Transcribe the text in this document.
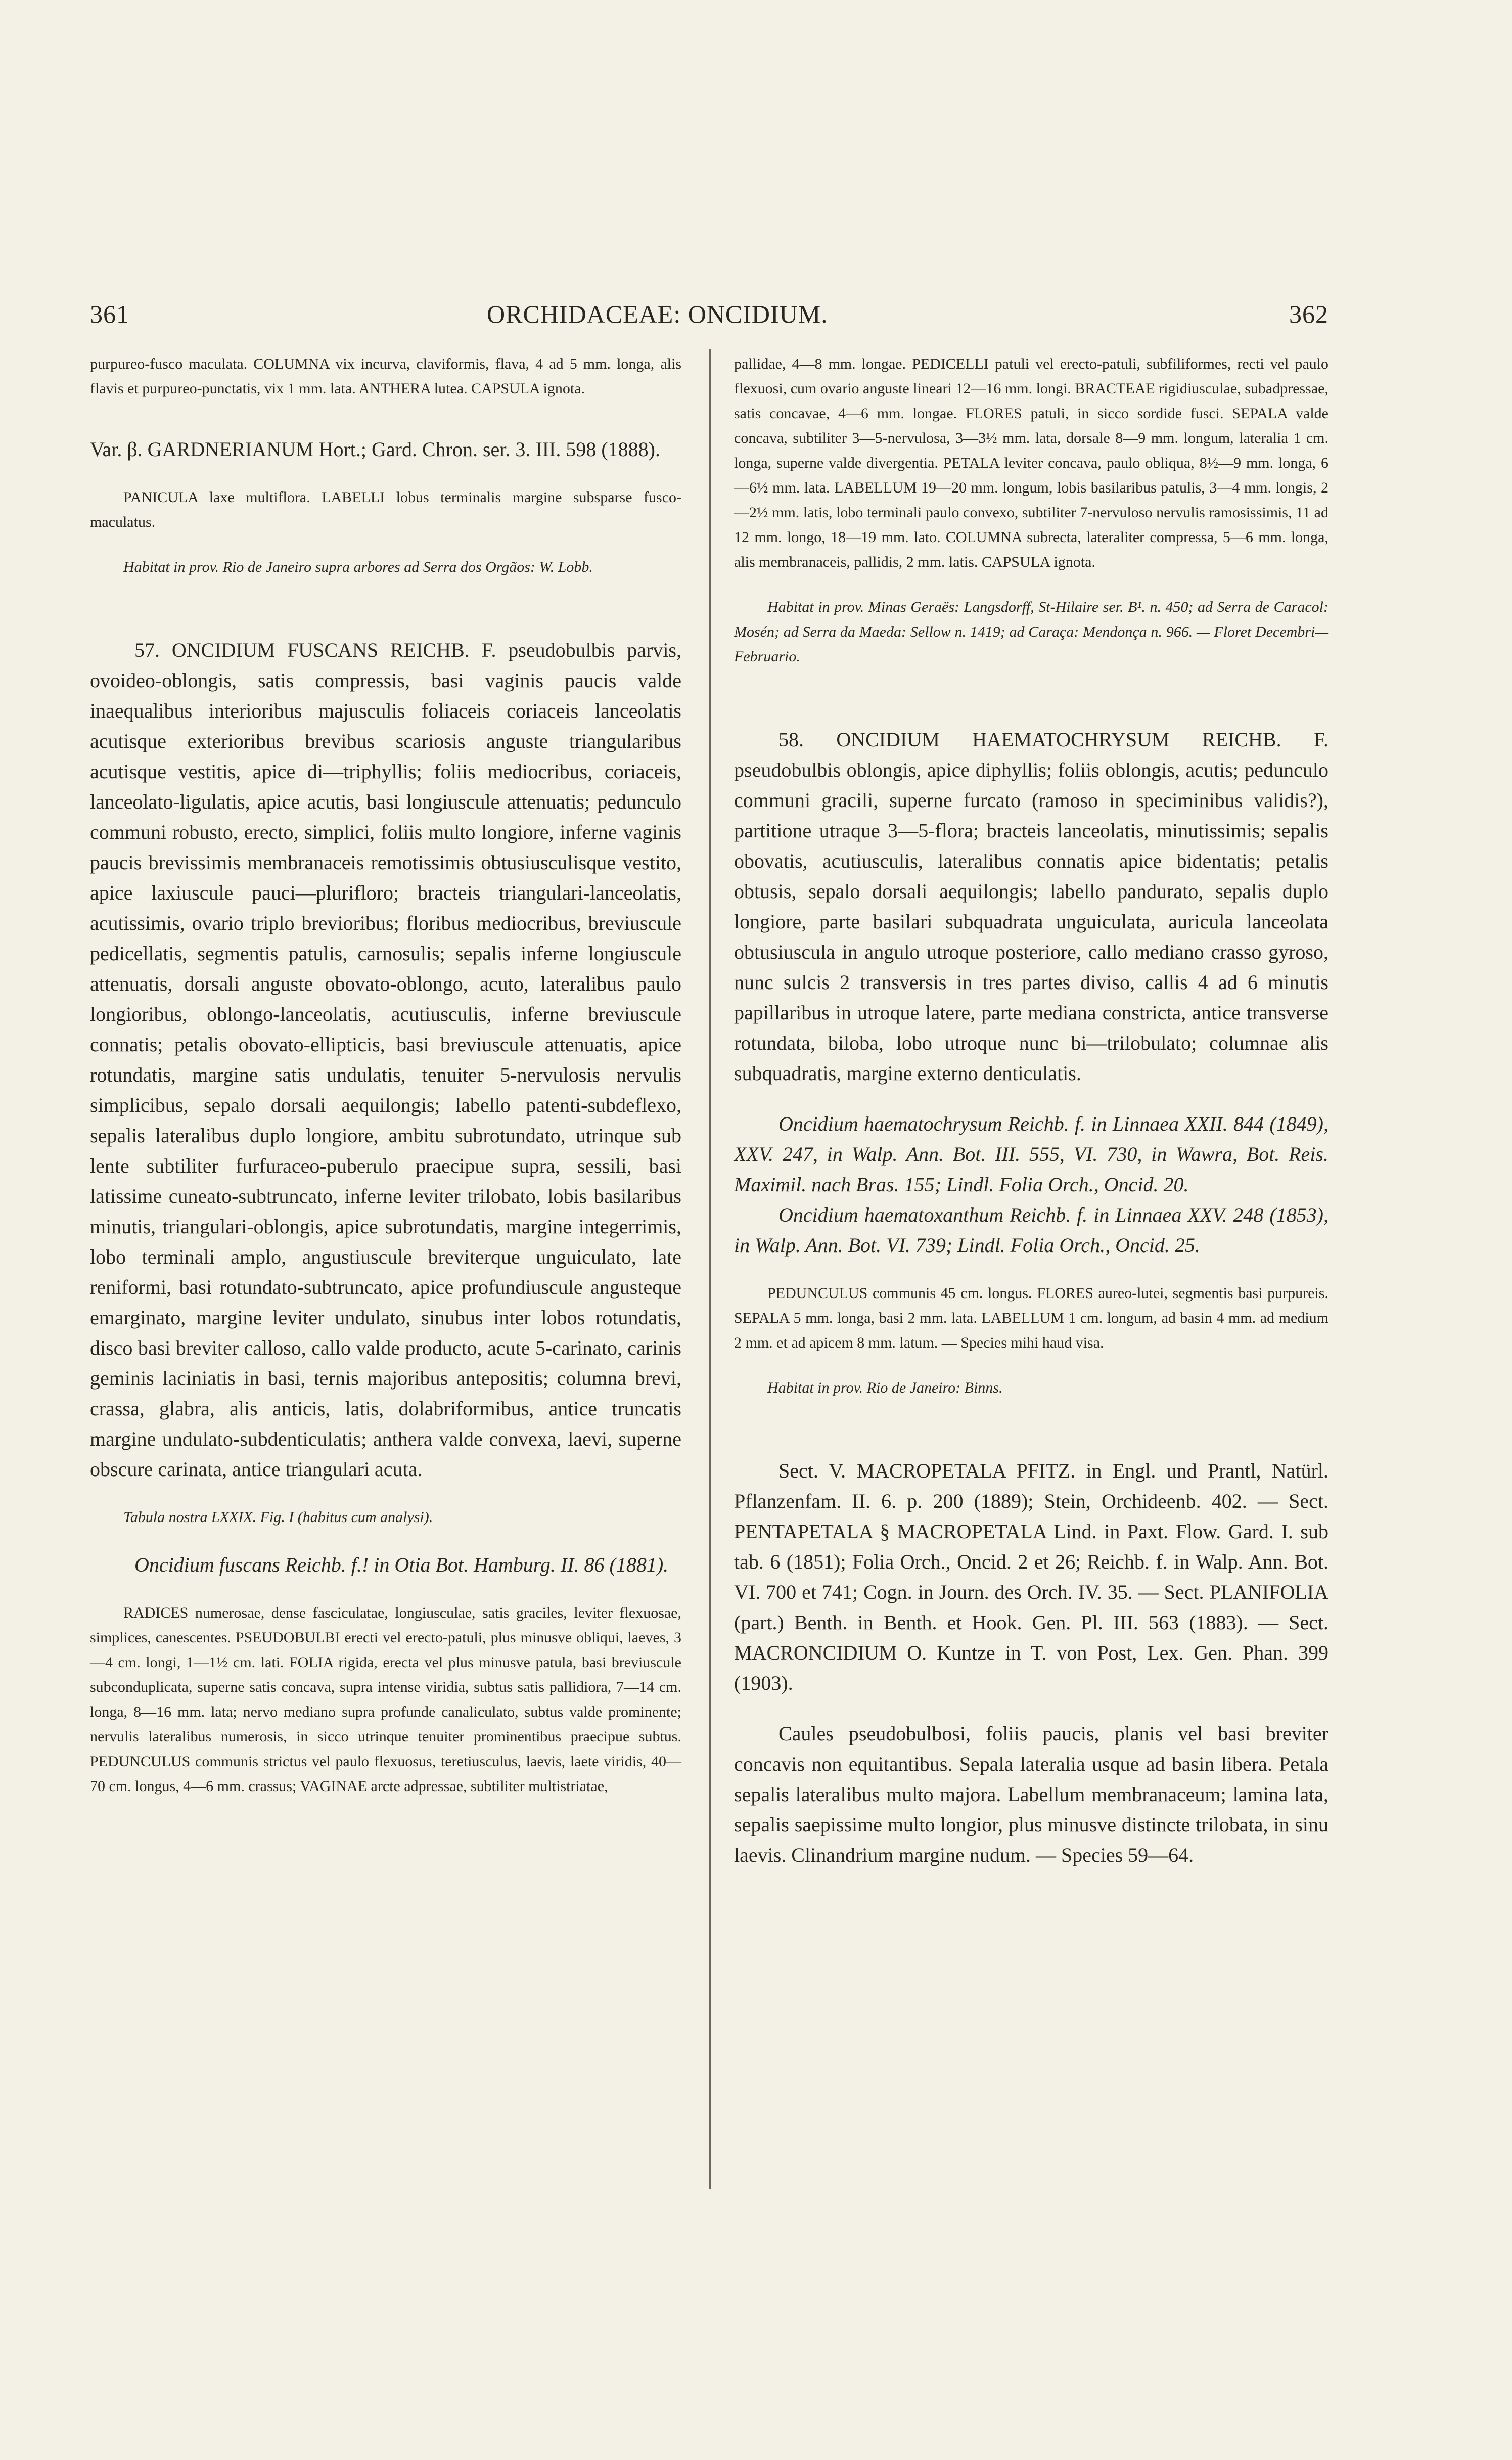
361	ORCHIDACEAE: ONCIDIUM.	362

purpureo-fusco maculata. COLUMNA vix incurva, claviformis, flava, 4 ad 5 mm. longa, alis flavis et purpureo-punctatis, vix 1 mm. lata. ANTHERA lutea. CAPSULA ignota.

Var. β. GARDNERIANUM Hort.; Gard. Chron. ser. 3. III. 598 (1888).

PANICULA laxe multiflora. LABELLI lobus terminalis margine subsparse fusco-maculatus.

Habitat in prov. Rio de Janeiro supra arbores ad Serra dos Orgãos: W. Lobb.

57. ONCIDIUM FUSCANS REICHB. F. pseudobulbis parvis, ovoideo-oblongis, satis compressis, basi vaginis paucis valde inaequalibus interioribus majusculis foliaceis coriaceis lanceolatis acutisque exterioribus brevibus scariosis anguste triangularibus acutisque vestitis, apice di—triphyllis; foliis mediocribus, coriaceis, lanceolato-ligulatis, apice acutis, basi longiuscule attenuatis; pedunculo communi robusto, erecto, simplici, foliis multo longiore, inferne vaginis paucis brevissimis membranaceis remotissimis obtusiusculisque vestito, apice laxiuscule pauci—plurifloro; bracteis triangulari-lanceolatis, acutissimis, ovario triplo brevioribus; floribus mediocribus, breviuscule pedicellatis, segmentis patulis, carnosulis; sepalis inferne longiuscule attenuatis, dorsali anguste obovato-oblongo, acuto, lateralibus paulo longioribus, oblongo-lanceolatis, acutiusculis, inferne breviuscule connatis; petalis obovato-ellipticis, basi breviuscule attenuatis, apice rotundatis, margine satis undulatis, tenuiter 5-nervulosis nervulis simplicibus, sepalo dorsali aequilongis; labello patenti-subdeflexo, sepalis lateralibus duplo longiore, ambitu subrotundato, utrinque sub lente subtiliter furfuraceo-puberulo praecipue supra, sessili, basi latissime cuneato-subtruncato, inferne leviter trilobato, lobis basilaribus minutis, triangulari-oblongis, apice subrotundatis, margine integerrimis, lobo terminali amplo, angustiuscule breviterque unguiculato, late reniformi, basi rotundato-subtruncato, apice profundiuscule angusteque emarginato, margine leviter undulato, sinubus inter lobos rotundatis, disco basi breviter calloso, callo valde producto, acute 5-carinato, carinis geminis laciniatis in basi, ternis majoribus antepositis; columna brevi, crassa, glabra, alis anticis, latis, dolabriformibus, antice truncatis margine undulato-subdenticulatis; anthera valde convexa, laevi, superne obscure carinata, antice triangulari acuta.

Tabula nostra LXXIX. Fig. I (habitus cum analysi).

Oncidium fuscans Reichb. f.! in Otia Bot. Hamburg. II. 86 (1881).

RADICES numerosae, dense fasciculatae, longiusculae, satis graciles, leviter flexuosae, simplices, canescentes. PSEUDOBULBI erecti vel erecto-patuli, plus minusve obliqui, laeves, 3—4 cm. longi, 1—1½ cm. lati. FOLIA rigida, erecta vel plus minusve patula, basi breviuscule subconduplicata, superne satis concava, supra intense viridia, subtus satis pallidiora, 7—14 cm. longa, 8—16 mm. lata; nervo mediano supra profunde canaliculato, subtus valde prominente; nervulis lateralibus numerosis, in sicco utrinque tenuiter prominentibus praecipue subtus. PEDUNCULUS communis strictus vel paulo flexuosus, teretiusculus, laevis, laete viridis, 40—70 cm. longus, 4—6 mm. crassus; VAGINAE arcte adpressae, subtiliter multistriatae,

pallidae, 4—8 mm. longae. PEDICELLI patuli vel erecto-patuli, subfiliformes, recti vel paulo flexuosi, cum ovario anguste lineari 12—16 mm. longi. BRACTEAE rigidiusculae, subadpressae, satis concavae, 4—6 mm. longae. FLORES patuli, in sicco sordide fusci. SEPALA valde concava, subtiliter 3—5-nervulosa, 3—3½ mm. lata, dorsale 8—9 mm. longum, lateralia 1 cm. longa, superne valde divergentia. PETALA leviter concava, paulo obliqua, 8½—9 mm. longa, 6—6½ mm. lata. LABELLUM 19—20 mm. longum, lobis basilaribus patulis, 3—4 mm. longis, 2—2½ mm. latis, lobo terminali paulo convexo, subtiliter 7-nervuloso nervulis ramosissimis, 11 ad 12 mm. longo, 18—19 mm. lato. COLUMNA subrecta, lateraliter compressa, 5—6 mm. longa, alis membranaceis, pallidis, 2 mm. latis. CAPSULA ignota.

Habitat in prov. Minas Geraës: Langsdorff, St-Hilaire ser. B¹. n. 450; ad Serra de Caracol: Mosén; ad Serra da Maeda: Sellow n. 1419; ad Caraça: Mendonça n. 966. — Floret Decembri—Februario.

58. ONCIDIUM HAEMATOCHRYSUM REICHB. F. pseudobulbis oblongis, apice diphyllis; foliis oblongis, acutis; pedunculo communi gracili, superne furcato (ramoso in speciminibus validis?), partitione utraque 3—5-flora; bracteis lanceolatis, minutissimis; sepalis obovatis, acutiusculis, lateralibus connatis apice bidentatis; petalis obtusis, sepalo dorsali aequilongis; labello pandurato, sepalis duplo longiore, parte basilari subquadrata unguiculata, auricula lanceolata obtusiuscula in angulo utroque posteriore, callo mediano crasso gyroso, nunc sulcis 2 transversis in tres partes diviso, callis 4 ad 6 minutis papillaribus in utroque latere, parte mediana constricta, antice transverse rotundata, biloba, lobo utroque nunc bi—trilobulato; columnae alis subquadratis, margine externo denticulatis.

Oncidium haematochrysum Reichb. f. in Linnaea XXII. 844 (1849), XXV. 247, in Walp. Ann. Bot. III. 555, VI. 730, in Wawra, Bot. Reis. Maximil. nach Bras. 155; Lindl. Folia Orch., Oncid. 20.

Oncidium haematoxanthum Reichb. f. in Linnaea XXV. 248 (1853), in Walp. Ann. Bot. VI. 739; Lindl. Folia Orch., Oncid. 25.

PEDUNCULUS communis 45 cm. longus. FLORES aureo-lutei, segmentis basi purpureis. SEPALA 5 mm. longa, basi 2 mm. lata. LABELLUM 1 cm. longum, ad basin 4 mm. ad medium 2 mm. et ad apicem 8 mm. latum. — Species mihi haud visa.

Habitat in prov. Rio de Janeiro: Binns.

Sect. V. MACROPETALA PFITZ. in Engl. und Prantl, Natürl. Pflanzenfam. II. 6. p. 200 (1889); Stein, Orchideenb. 402. — Sect. PENTAPETALA § MACROPETALA Lind. in Paxt. Flow. Gard. I. sub tab. 6 (1851); Folia Orch., Oncid. 2 et 26; Reichb. f. in Walp. Ann. Bot. VI. 700 et 741; Cogn. in Journ. des Orch. IV. 35. — Sect. PLANIFOLIA (part.) Benth. in Benth. et Hook. Gen. Pl. III. 563 (1883). — Sect. MACRONCIDIUM O. Kuntze in T. von Post, Lex. Gen. Phan. 399 (1903).

Caules pseudobulbosi, foliis paucis, planis vel basi breviter concavis non equitantibus. Sepala lateralia usque ad basin libera. Petala sepalis lateralibus multo majora. Labellum membranaceum; lamina lata, sepalis saepissime multo longior, plus minusve distincte trilobata, in sinu laevis. Clinandrium margine nudum. — Species 59—64.
